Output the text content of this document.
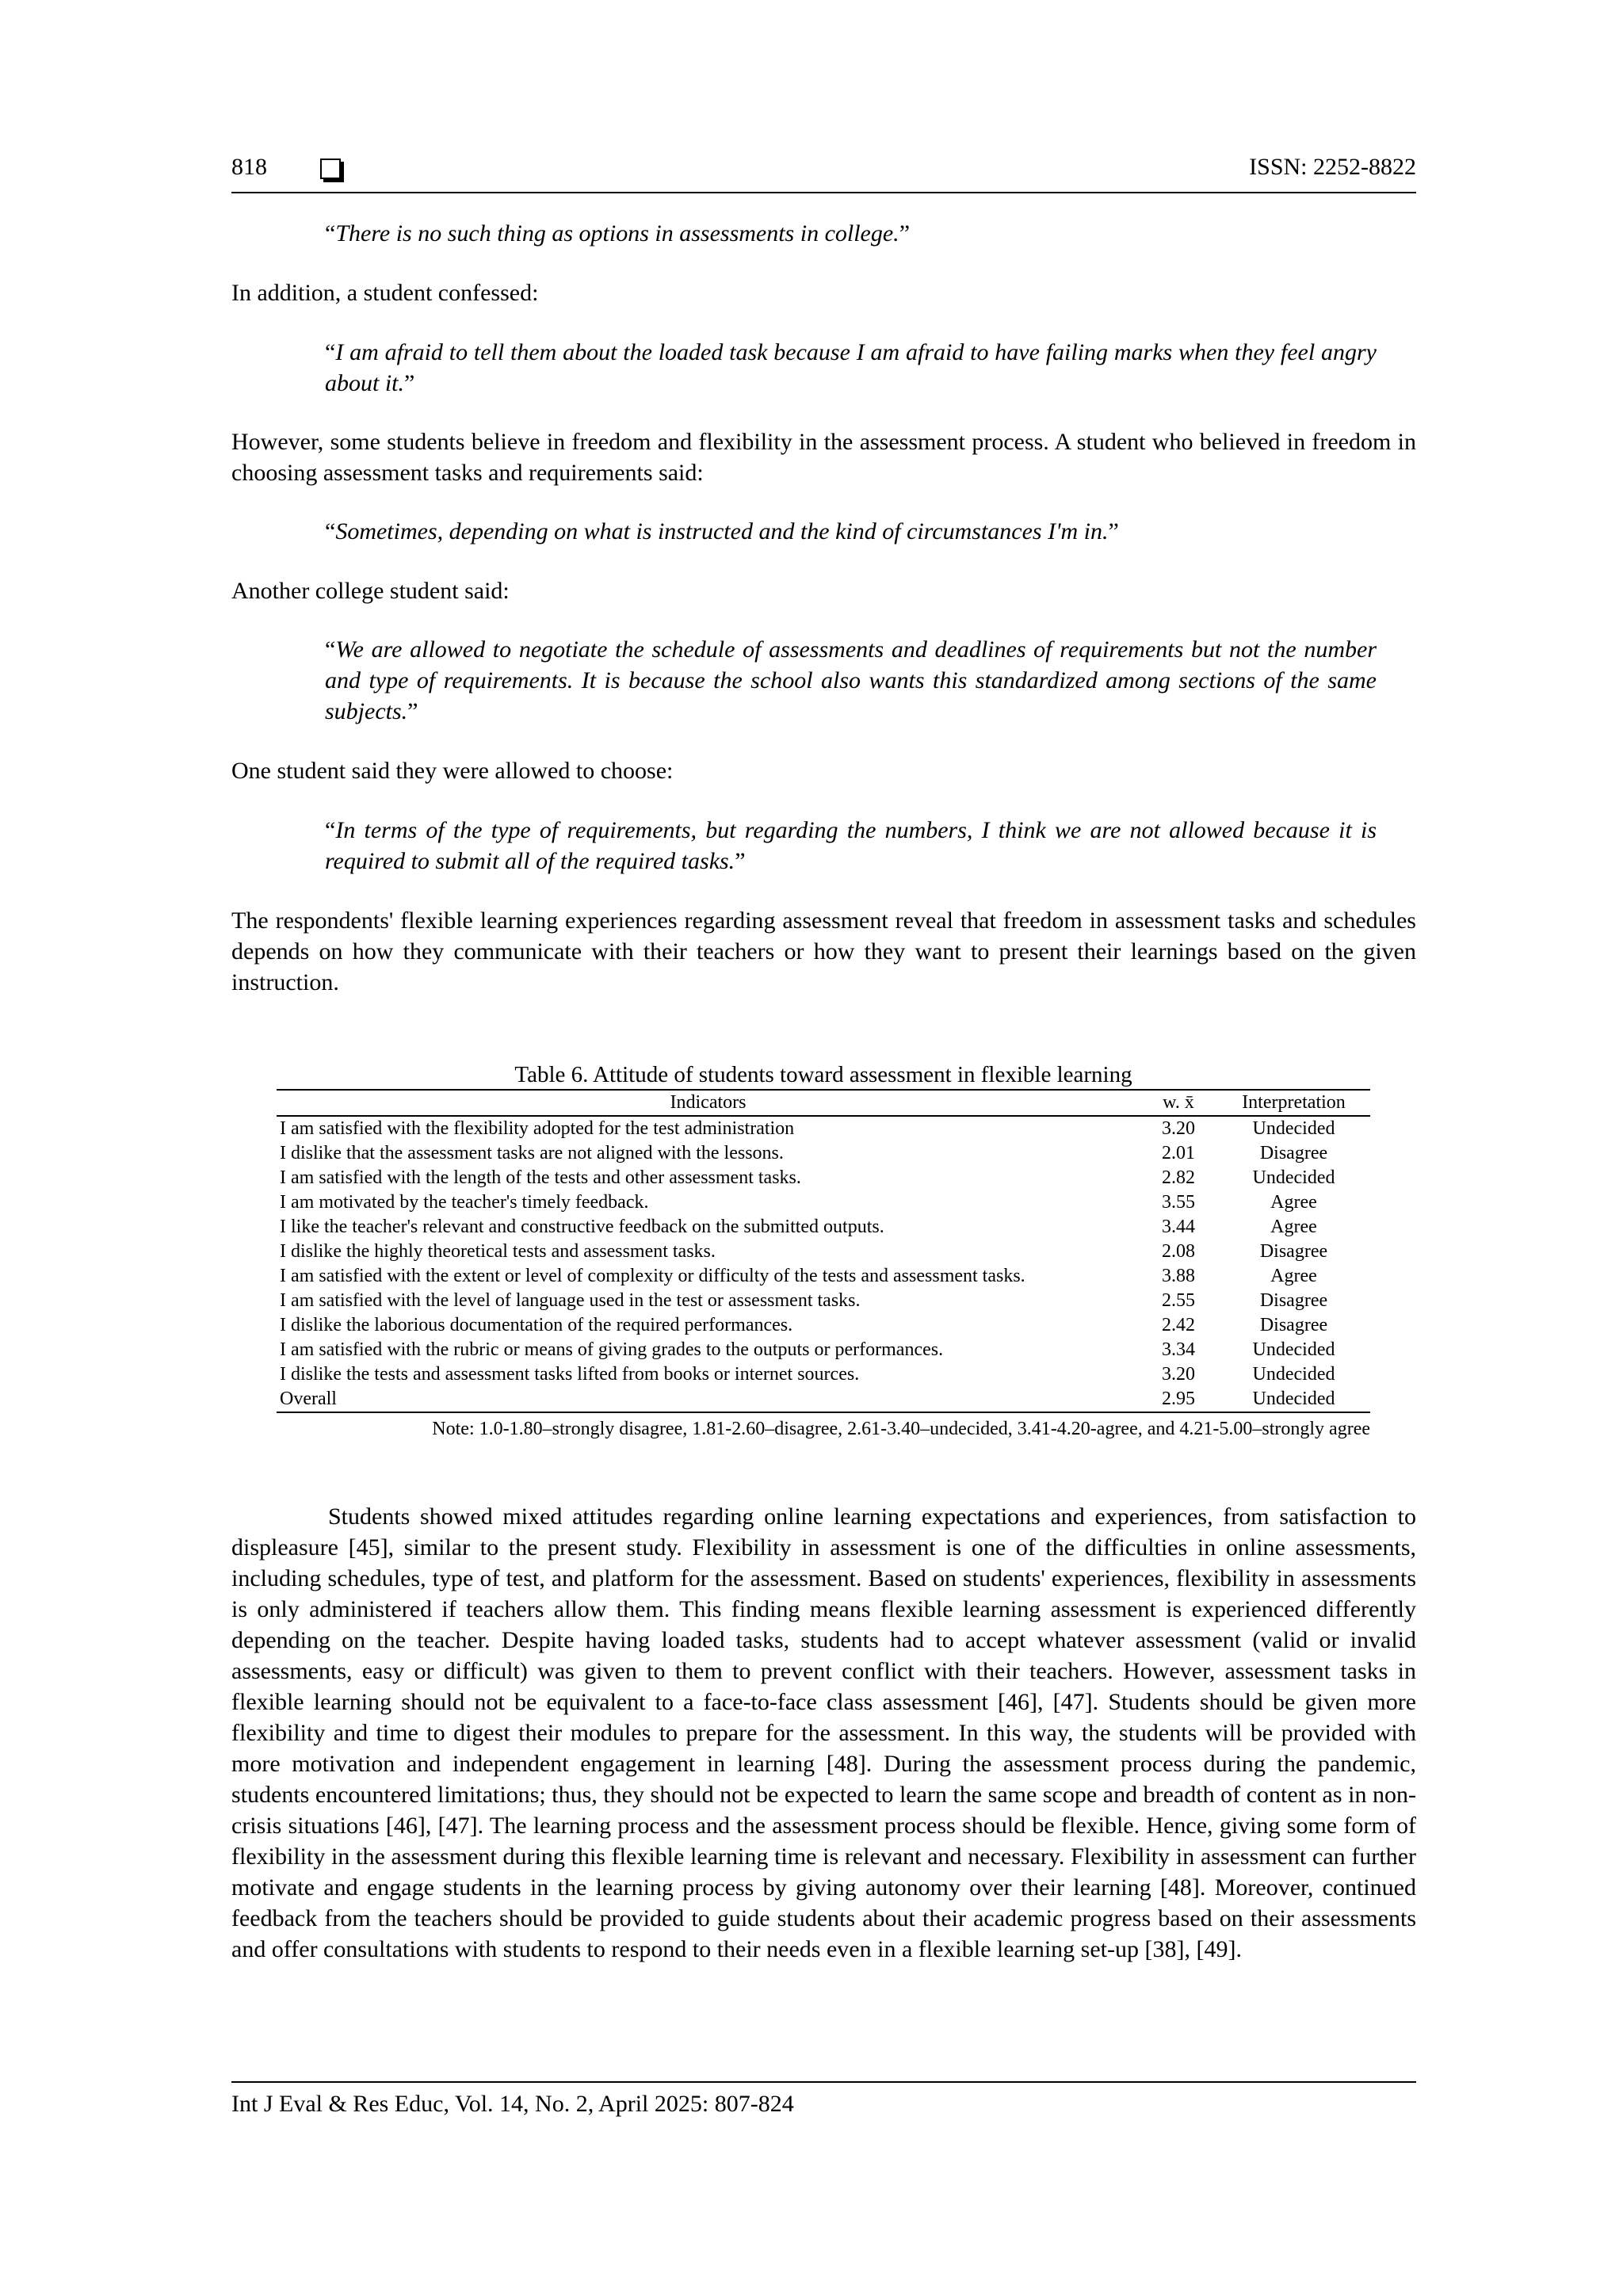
818	ISSN: 2252-8822

“There is no such thing as options in assessments in college.”

In addition, a student confessed:

“I am afraid to tell them about the loaded task because I am afraid to have failing marks when they feel angry about it.”

However, some students believe in freedom and flexibility in the assessment process. A student who believed in freedom in choosing assessment tasks and requirements said:

“Sometimes, depending on what is instructed and the kind of circumstances I'm in.”

Another college student said:

“We are allowed to negotiate the schedule of assessments and deadlines of requirements but not the number and type of requirements. It is because the school also wants this standardized among sections of the same subjects.”

One student said they were allowed to choose:

“In terms of the type of requirements, but regarding the numbers, I think we are not allowed because it is required to submit all of the required tasks.”

The respondents' flexible learning experiences regarding assessment reveal that freedom in assessment tasks and schedules depends on how they communicate with their teachers or how they want to present their learnings based on the given instruction.

Table 6. Attitude of students toward assessment in flexible learning
Indicators	w. x̄	Interpretation
I am satisfied with the flexibility adopted for the test administration	3.20	Undecided
I dislike that the assessment tasks are not aligned with the lessons.	2.01	Disagree
I am satisfied with the length of the tests and other assessment tasks.	2.82	Undecided
I am motivated by the teacher's timely feedback.	3.55	Agree
I like the teacher's relevant and constructive feedback on the submitted outputs.	3.44	Agree
I dislike the highly theoretical tests and assessment tasks.	2.08	Disagree
I am satisfied with the extent or level of complexity or difficulty of the tests and assessment tasks.	3.88	Agree
I am satisfied with the level of language used in the test or assessment tasks.	2.55	Disagree
I dislike the laborious documentation of the required performances.	2.42	Disagree
I am satisfied with the rubric or means of giving grades to the outputs or performances.	3.34	Undecided
I dislike the tests and assessment tasks lifted from books or internet sources.	3.20	Undecided
Overall	2.95	Undecided
Note: 1.0-1.80–strongly disagree, 1.81-2.60–disagree, 2.61-3.40–undecided, 3.41-4.20-agree, and 4.21-5.00–strongly agree

Students showed mixed attitudes regarding online learning expectations and experiences, from satisfaction to displeasure [45], similar to the present study. Flexibility in assessment is one of the difficulties in online assessments, including schedules, type of test, and platform for the assessment. Based on students' experiences, flexibility in assessments is only administered if teachers allow them. This finding means flexible learning assessment is experienced differently depending on the teacher. Despite having loaded tasks, students had to accept whatever assessment (valid or invalid assessments, easy or difficult) was given to them to prevent conflict with their teachers. However, assessment tasks in flexible learning should not be equivalent to a face-to-face class assessment [46], [47]. Students should be given more flexibility and time to digest their modules to prepare for the assessment. In this way, the students will be provided with more motivation and independent engagement in learning [48]. During the assessment process during the pandemic, students encountered limitations; thus, they should not be expected to learn the same scope and breadth of content as in non-crisis situations [46], [47]. The learning process and the assessment process should be flexible. Hence, giving some form of flexibility in the assessment during this flexible learning time is relevant and necessary. Flexibility in assessment can further motivate and engage students in the learning process by giving autonomy over their learning [48]. Moreover, continued feedback from the teachers should be provided to guide students about their academic progress based on their assessments and offer consultations with students to respond to their needs even in a flexible learning set-up [38], [49].

Int J Eval & Res Educ, Vol. 14, No. 2, April 2025: 807-824
